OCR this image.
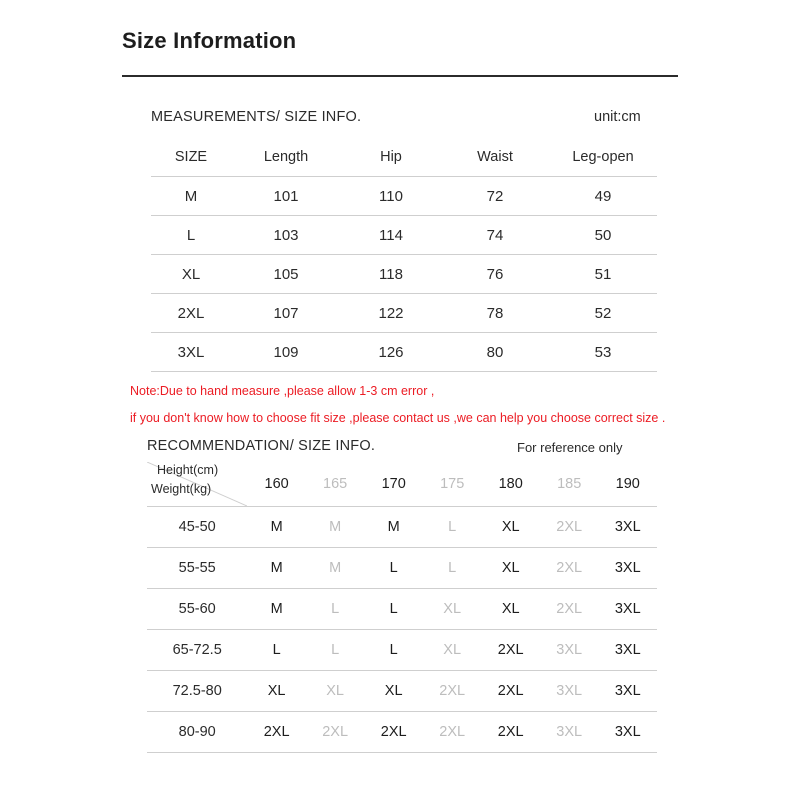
Size Information
MEASUREMENTS/ SIZE INFO.	unit:cm
SIZE	Length	Hip	Waist	Leg-open
M	101	110	72	49
L	103	114	74	50
XL	105	118	76	51
2XL	107	122	78	52
3XL	109	126	80	53
Note:Due to hand measure ,please allow 1-3 cm error ,
if you don't know how to choose fit size ,please contact us ,we can help you choose correct size .
RECOMMENDATION/ SIZE INFO.	For reference only
Height(cm)
Weight(kg)	160	165	170	175	180	185	190
45-50	M	M	M	L	XL	2XL	3XL
55-55	M	M	L	L	XL	2XL	3XL
55-60	M	L	L	XL	XL	2XL	3XL
65-72.5	L	L	L	XL	2XL	3XL	3XL
72.5-80	XL	XL	XL	2XL	2XL	3XL	3XL
80-90	2XL	2XL	2XL	2XL	2XL	3XL	3XL
